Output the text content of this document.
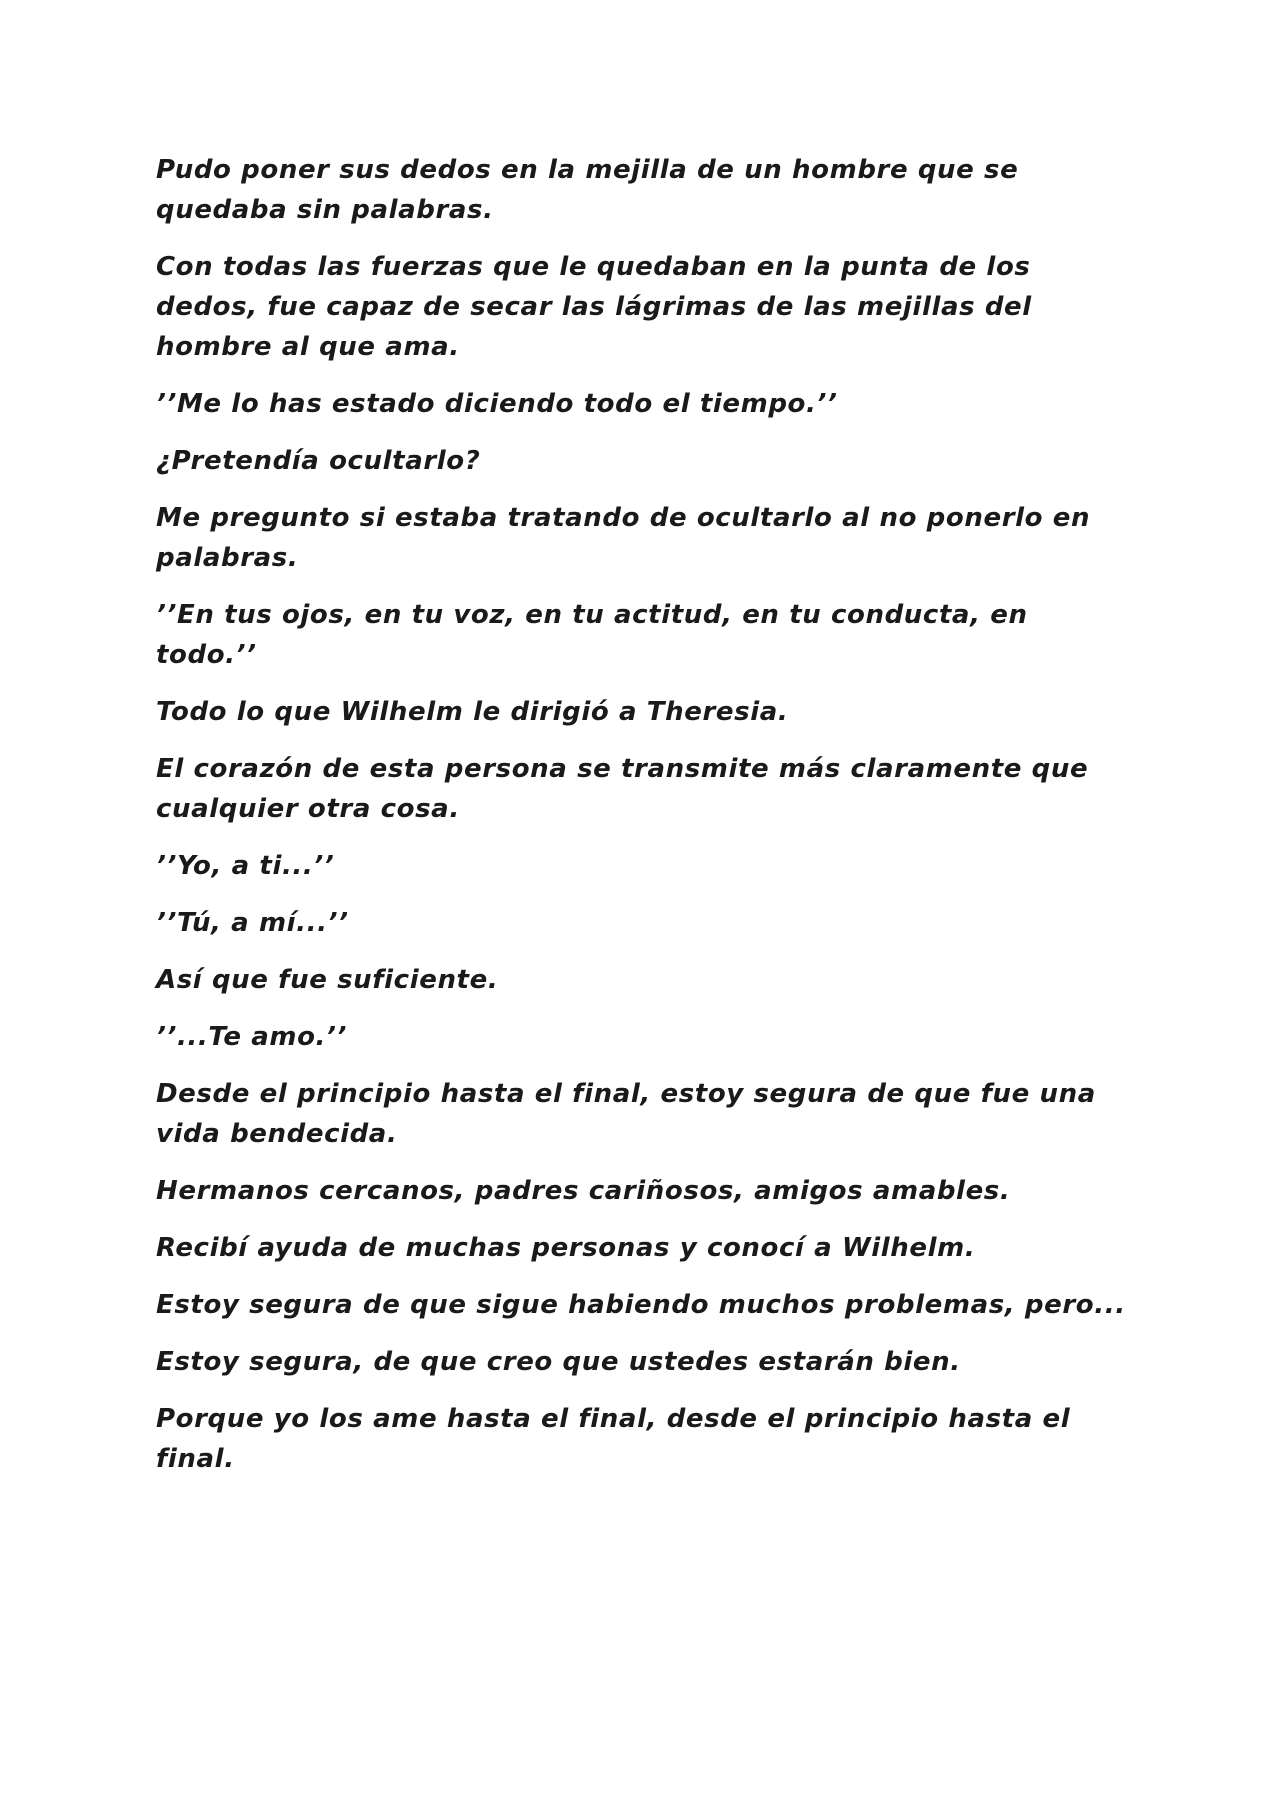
Pudo poner sus dedos en la mejilla de un hombre que se quedaba sin palabras.

Con todas las fuerzas que le quedaban en la punta de los dedos, fue capaz de secar las lágrimas de las mejillas del hombre al que ama.

’’Me lo has estado diciendo todo el tiempo.’’

¿Pretendía ocultarlo?

Me pregunto si estaba tratando de ocultarlo al no ponerlo en palabras.

’’En tus ojos, en tu voz, en tu actitud, en tu conducta, en todo.’’

Todo lo que Wilhelm le dirigió a Theresia.

El corazón de esta persona se transmite más claramente que cualquier otra cosa.

’’Yo, a ti...’’

’’Tú, a mí...’’

Así que fue suficiente.

’’...Te amo.’’

Desde el principio hasta el final, estoy segura de que fue una vida bendecida.

Hermanos cercanos, padres cariñosos, amigos amables.

Recibí ayuda de muchas personas y conocí a Wilhelm.

Estoy segura de que sigue habiendo muchos problemas, pero...

Estoy segura, de que creo que ustedes estarán bien.

Porque yo los ame hasta el final, desde el principio hasta el final.
